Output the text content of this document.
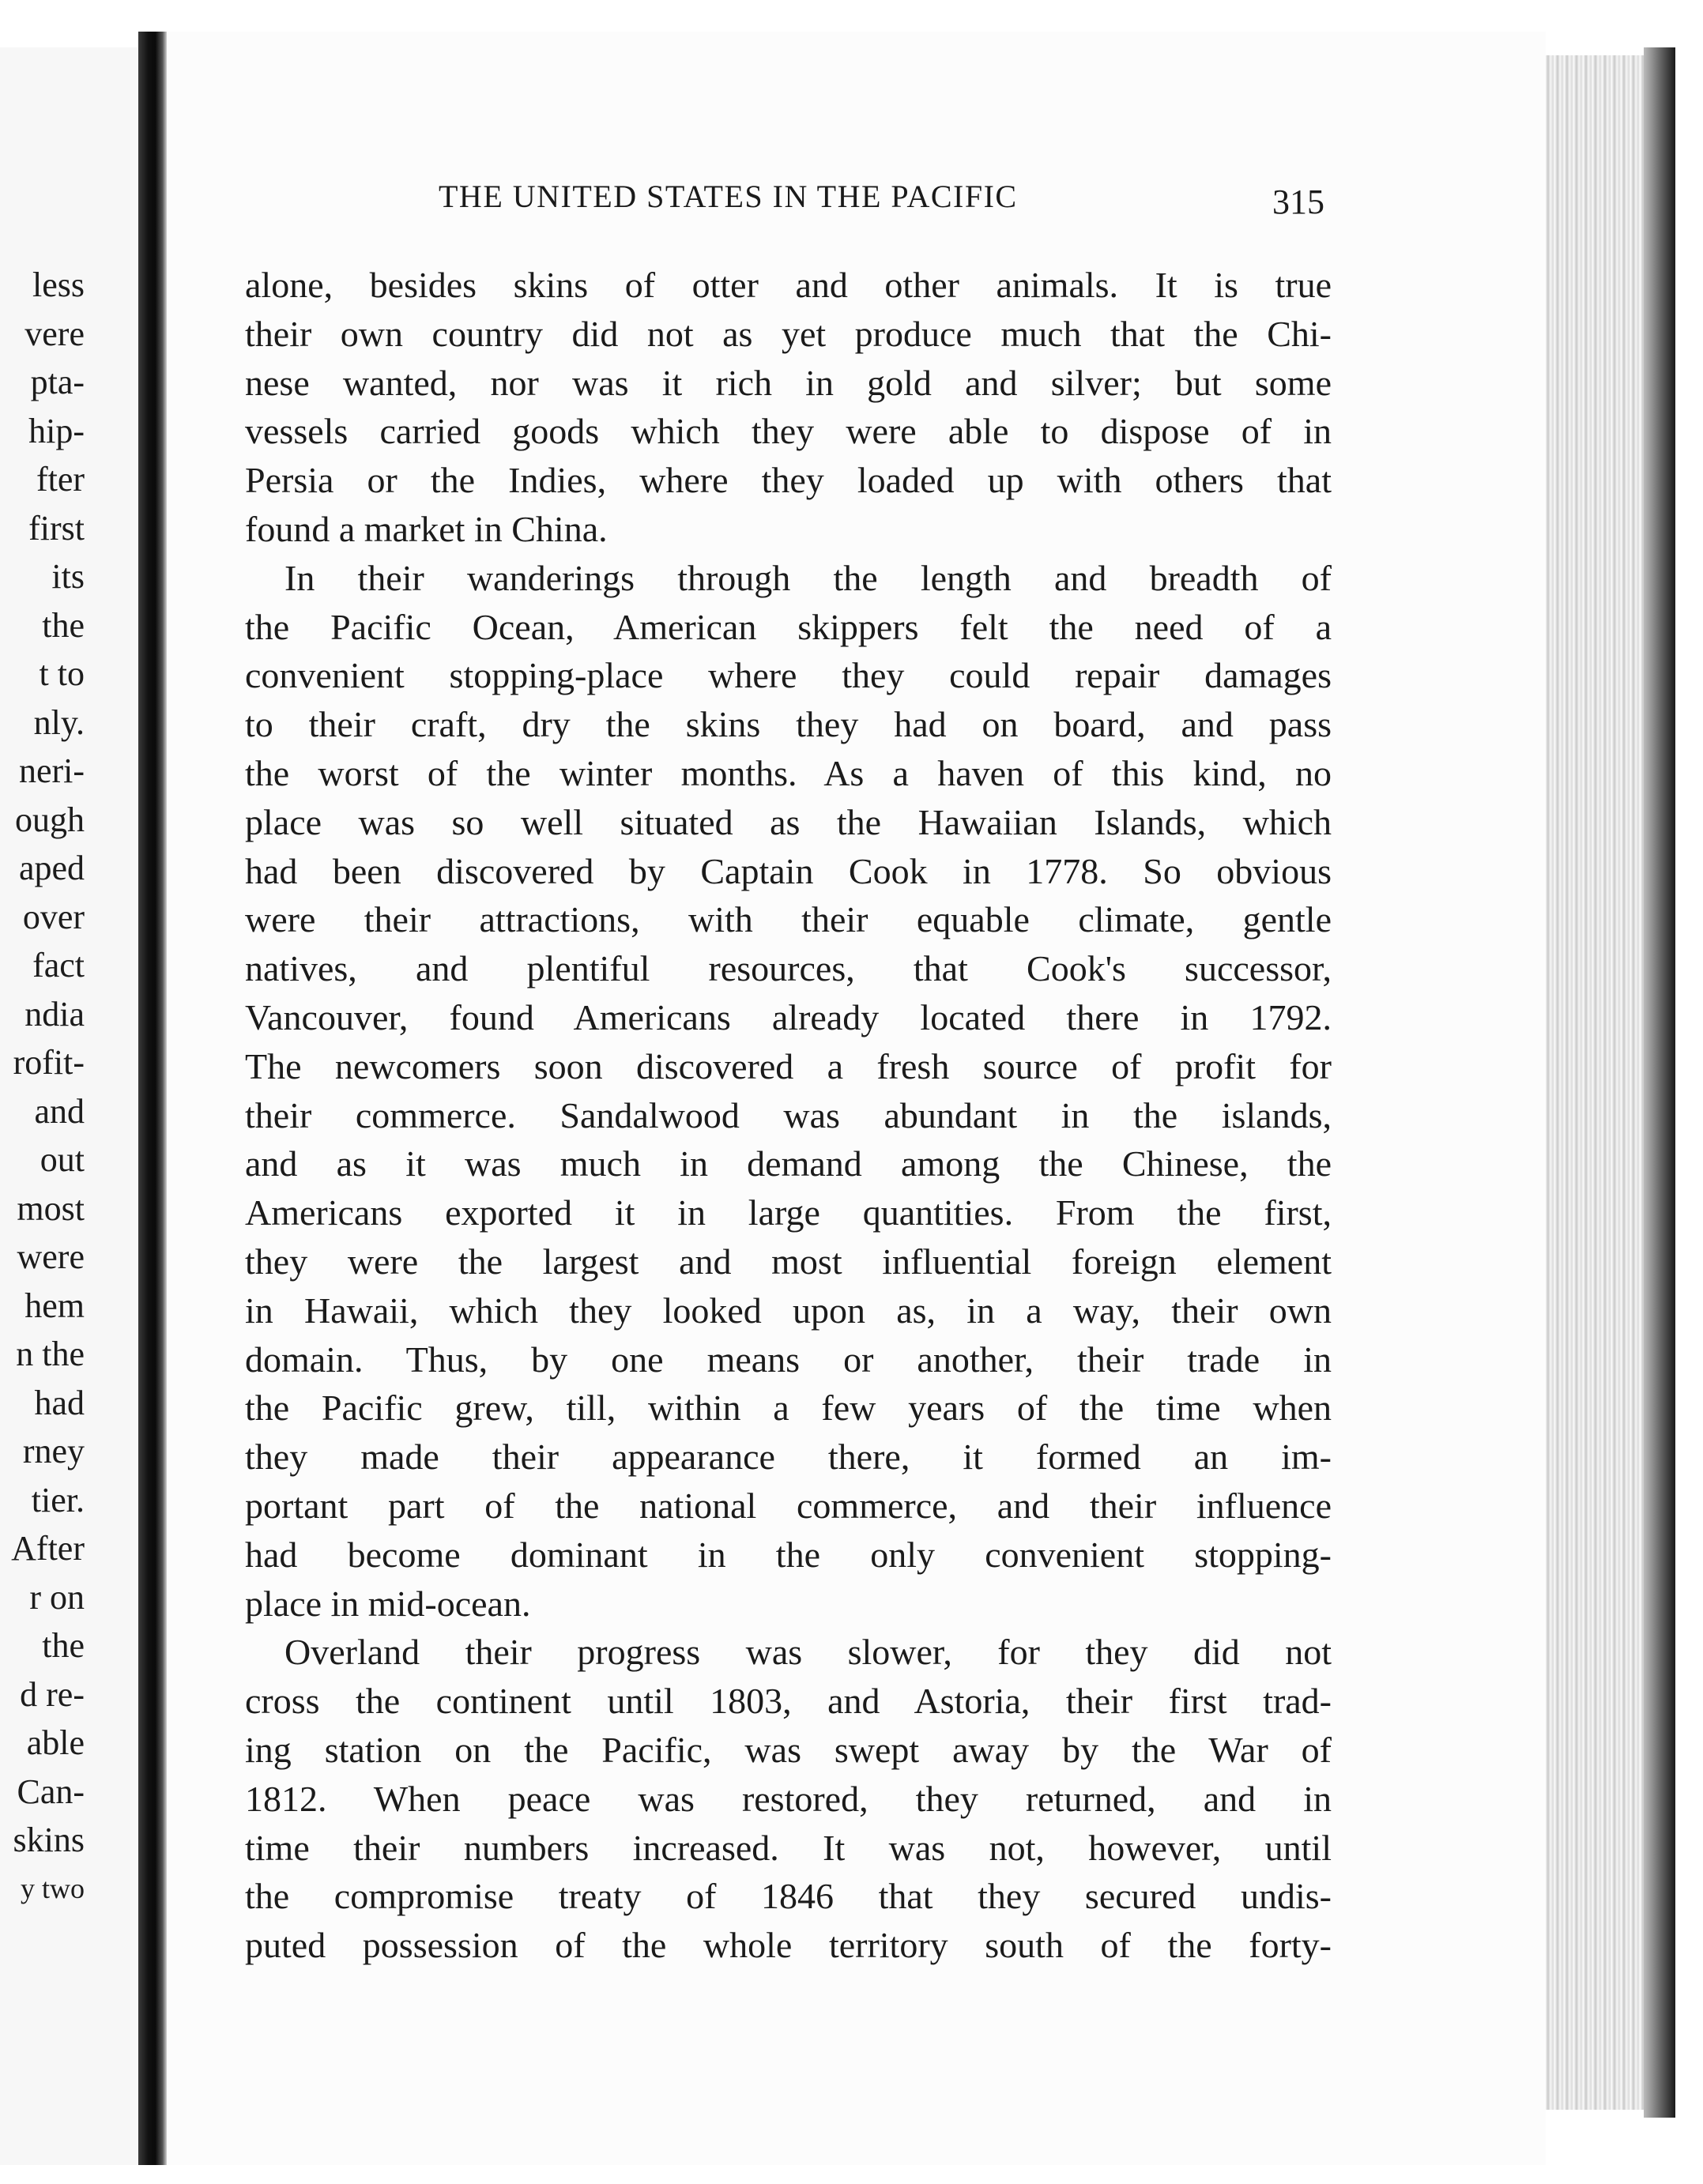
less
vere
pta-
hip-
fter
first
its
the
t to
nly.
neri-
ough
aped
over
fact
ndia
rofit-
and
out
most
were
hem
n the
had
rney
tier.
After
r on
the
d re-
able
Can-
skins
y two
THE UNITED STATES IN THE PACIFIC	315
alone, besides skins of otter and other animals. It is true
their own country did not as yet produce much that the Chi-
nese wanted, nor was it rich in gold and silver; but some
vessels carried goods which they were able to dispose of in
Persia or the Indies, where they loaded up with others that
found a market in China.
In their wanderings through the length and breadth of
the Pacific Ocean, American skippers felt the need of a
convenient stopping-place where they could repair damages
to their craft, dry the skins they had on board, and pass
the worst of the winter months. As a haven of this kind, no
place was so well situated as the Hawaiian Islands, which
had been discovered by Captain Cook in 1778. So obvious
were their attractions, with their equable climate, gentle
natives, and plentiful resources, that Cook's successor,
Vancouver, found Americans already located there in 1792.
The newcomers soon discovered a fresh source of profit for
their commerce. Sandalwood was abundant in the islands,
and as it was much in demand among the Chinese, the
Americans exported it in large quantities. From the first,
they were the largest and most influential foreign element
in Hawaii, which they looked upon as, in a way, their own
domain. Thus, by one means or another, their trade in
the Pacific grew, till, within a few years of the time when
they made their appearance there, it formed an im-
portant part of the national commerce, and their influence
had become dominant in the only convenient stopping-
place in mid-ocean.
Overland their progress was slower, for they did not
cross the continent until 1803, and Astoria, their first trad-
ing station on the Pacific, was swept away by the War of
1812. When peace was restored, they returned, and in
time their numbers increased. It was not, however, until
the compromise treaty of 1846 that they secured undis-
puted possession of the whole territory south of the forty-
